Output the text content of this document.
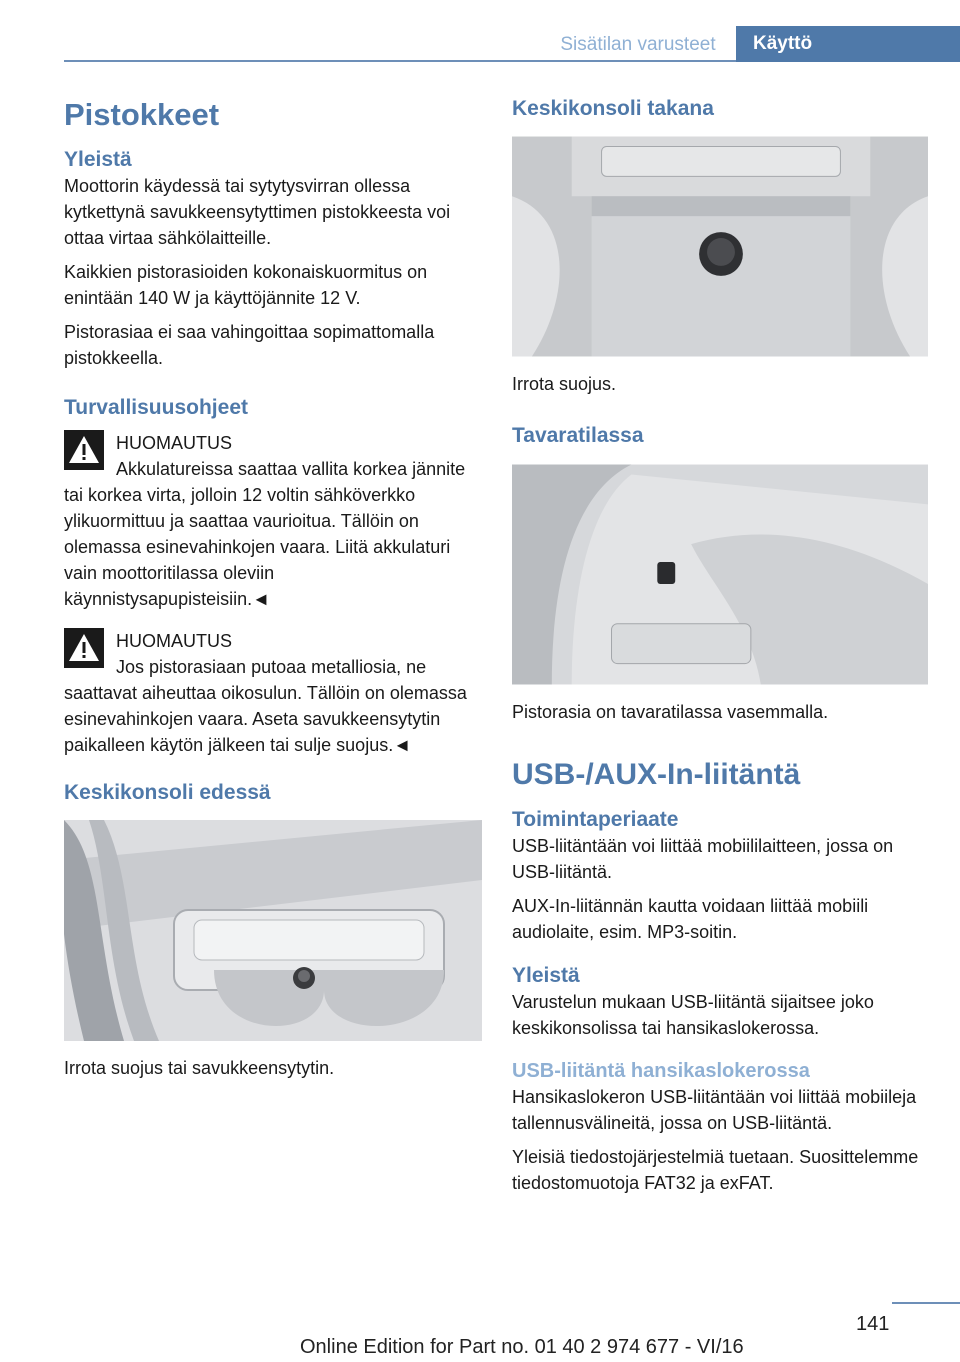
Sisätilan varusteet	Käyttö
Pistokkeet
Yleistä

Moottorin käydessä tai sytytysvirran ollessa kytkettynä savukkeensytyttimen pistokkeesta voi ottaa virtaa sähkölaitteille.

Kaikkien pistorasioiden kokonaiskuormitus on enintään 140 W ja käyttöjännite 12 V.

Pistorasiaa ei saa vahingoittaa sopimattomalla pistokkeella.

Turvallisuusohjeet
HUOMAUTUS
Akkulatureissa saattaa vallita korkea jännite tai korkea virta, jolloin 12 voltin sähköverkko ylikuormittuu ja saattaa vaurioitua. Tällöin on olemassa esinevahinkojen vaara. Liitä akkulaturi vain moottoritilassa oleviin käynnistysapupisteisiin.◄
HUOMAUTUS
Jos pistorasiaan putoaa metalliosia, ne saattavat aiheuttaa oikosulun. Tällöin on olemassa esinevahinkojen vaara. Aseta savukkeensytytin paikalleen käytön jälkeen tai sulje suojus.◄
Keskikonsoli edessä

Irrota suojus tai savukkeensytytin.

Keskikonsoli takana

Irrota suojus.

Tavaratilassa

Pistorasia on tavaratilassa vasemmalla.

USB-/AUX-In-liitäntä
Toimintaperiaate

USB-liitäntään voi liittää mobiililaitteen, jossa on USB-liitäntä.

AUX-In-liitännän kautta voidaan liittää mobiili audiolaite, esim. MP3-soitin.

Yleistä

Varustelun mukaan USB-liitäntä sijaitsee joko keskikonsolissa tai hansikaslokerossa.

USB-liitäntä hansikaslokerossa

Hansikaslokeron USB-liitäntään voi liittää mobiileja tallennusvälineitä, jossa on USB-liitäntä.

Yleisiä tiedostojärjestelmiä tuetaan. Suosittelemme tiedostomuotoja FAT32 ja exFAT.

141
Online Edition for Part no. 01 40 2 974 677 - VI/16
